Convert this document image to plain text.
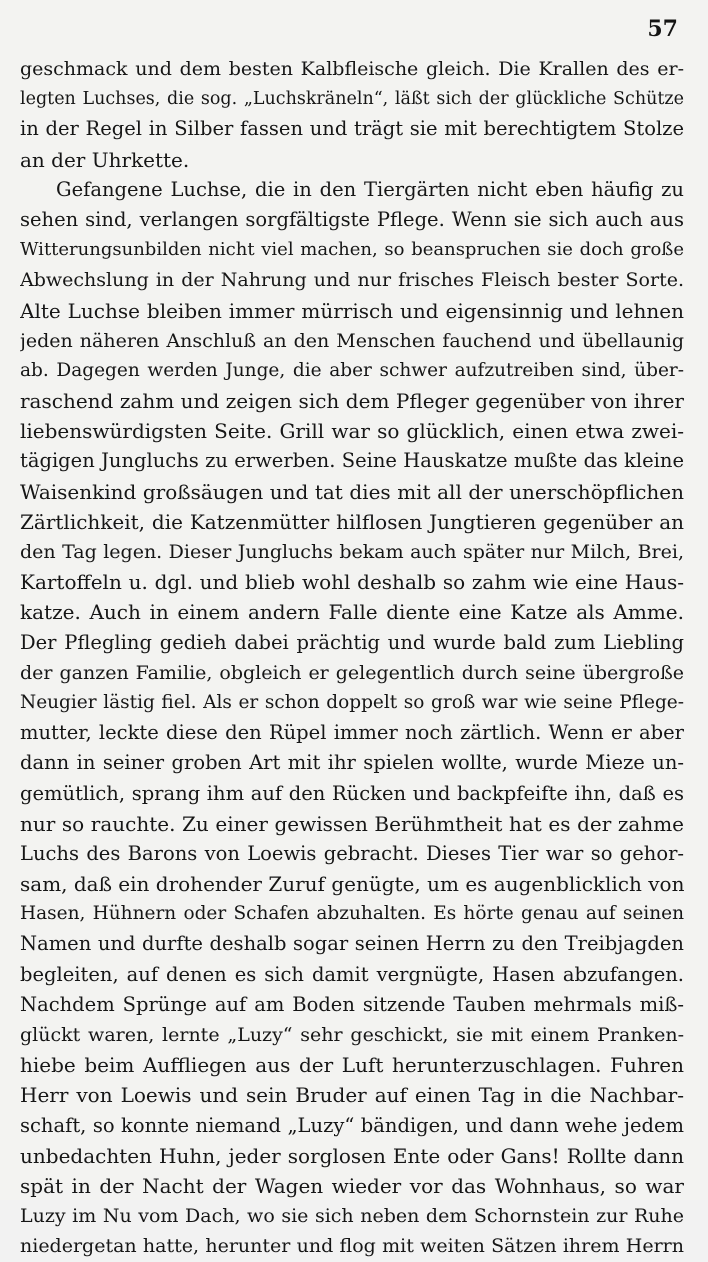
57
geschmack und dem besten Kalbfleische gleich. Die Krallen des er-
legten Luchses, die sog. „Luchskräneln“, läßt sich der glückliche Schütze
in der Regel in Silber fassen und trägt sie mit berechtigtem Stolze
an der Uhrkette.
Gefangene Luchse, die in den Tiergärten nicht eben häufig zu
sehen sind, verlangen sorgfältigste Pflege. Wenn sie sich auch aus
Witterungsunbilden nicht viel machen, so beanspruchen sie doch große
Abwechslung in der Nahrung und nur frisches Fleisch bester Sorte.
Alte Luchse bleiben immer mürrisch und eigensinnig und lehnen
jeden näheren Anschluß an den Menschen fauchend und übellaunig
ab. Dagegen werden Junge, die aber schwer aufzutreiben sind, über-
raschend zahm und zeigen sich dem Pfleger gegenüber von ihrer
liebenswürdigsten Seite. Grill war so glücklich, einen etwa zwei-
tägigen Jungluchs zu erwerben. Seine Hauskatze mußte das kleine
Waisenkind großsäugen und tat dies mit all der unerschöpflichen
Zärtlichkeit, die Katzenmütter hilflosen Jungtieren gegenüber an
den Tag legen. Dieser Jungluchs bekam auch später nur Milch, Brei,
Kartoffeln u. dgl. und blieb wohl deshalb so zahm wie eine Haus-
katze. Auch in einem andern Falle diente eine Katze als Amme.
Der Pflegling gedieh dabei prächtig und wurde bald zum Liebling
der ganzen Familie, obgleich er gelegentlich durch seine übergroße
Neugier lästig fiel. Als er schon doppelt so groß war wie seine Pflege-
mutter, leckte diese den Rüpel immer noch zärtlich. Wenn er aber
dann in seiner groben Art mit ihr spielen wollte, wurde Mieze un-
gemütlich, sprang ihm auf den Rücken und backpfeifte ihn, daß es
nur so rauchte. Zu einer gewissen Berühmtheit hat es der zahme
Luchs des Barons von Loewis gebracht. Dieses Tier war so gehor-
sam, daß ein drohender Zuruf genügte, um es augenblicklich von
Hasen, Hühnern oder Schafen abzuhalten. Es hörte genau auf seinen
Namen und durfte deshalb sogar seinen Herrn zu den Treibjagden
begleiten, auf denen es sich damit vergnügte, Hasen abzufangen.
Nachdem Sprünge auf am Boden sitzende Tauben mehrmals miß-
glückt waren, lernte „Luzy“ sehr geschickt, sie mit einem Pranken-
hiebe beim Auffliegen aus der Luft herunterzuschlagen. Fuhren
Herr von Loewis und sein Bruder auf einen Tag in die Nachbar-
schaft, so konnte niemand „Luzy“ bändigen, und dann wehe jedem
unbedachten Huhn, jeder sorglosen Ente oder Gans! Rollte dann
spät in der Nacht der Wagen wieder vor das Wohnhaus, so war
Luzy im Nu vom Dach, wo sie sich neben dem Schornstein zur Ruhe
niedergetan hatte, herunter und flog mit weiten Sätzen ihrem Herrn
